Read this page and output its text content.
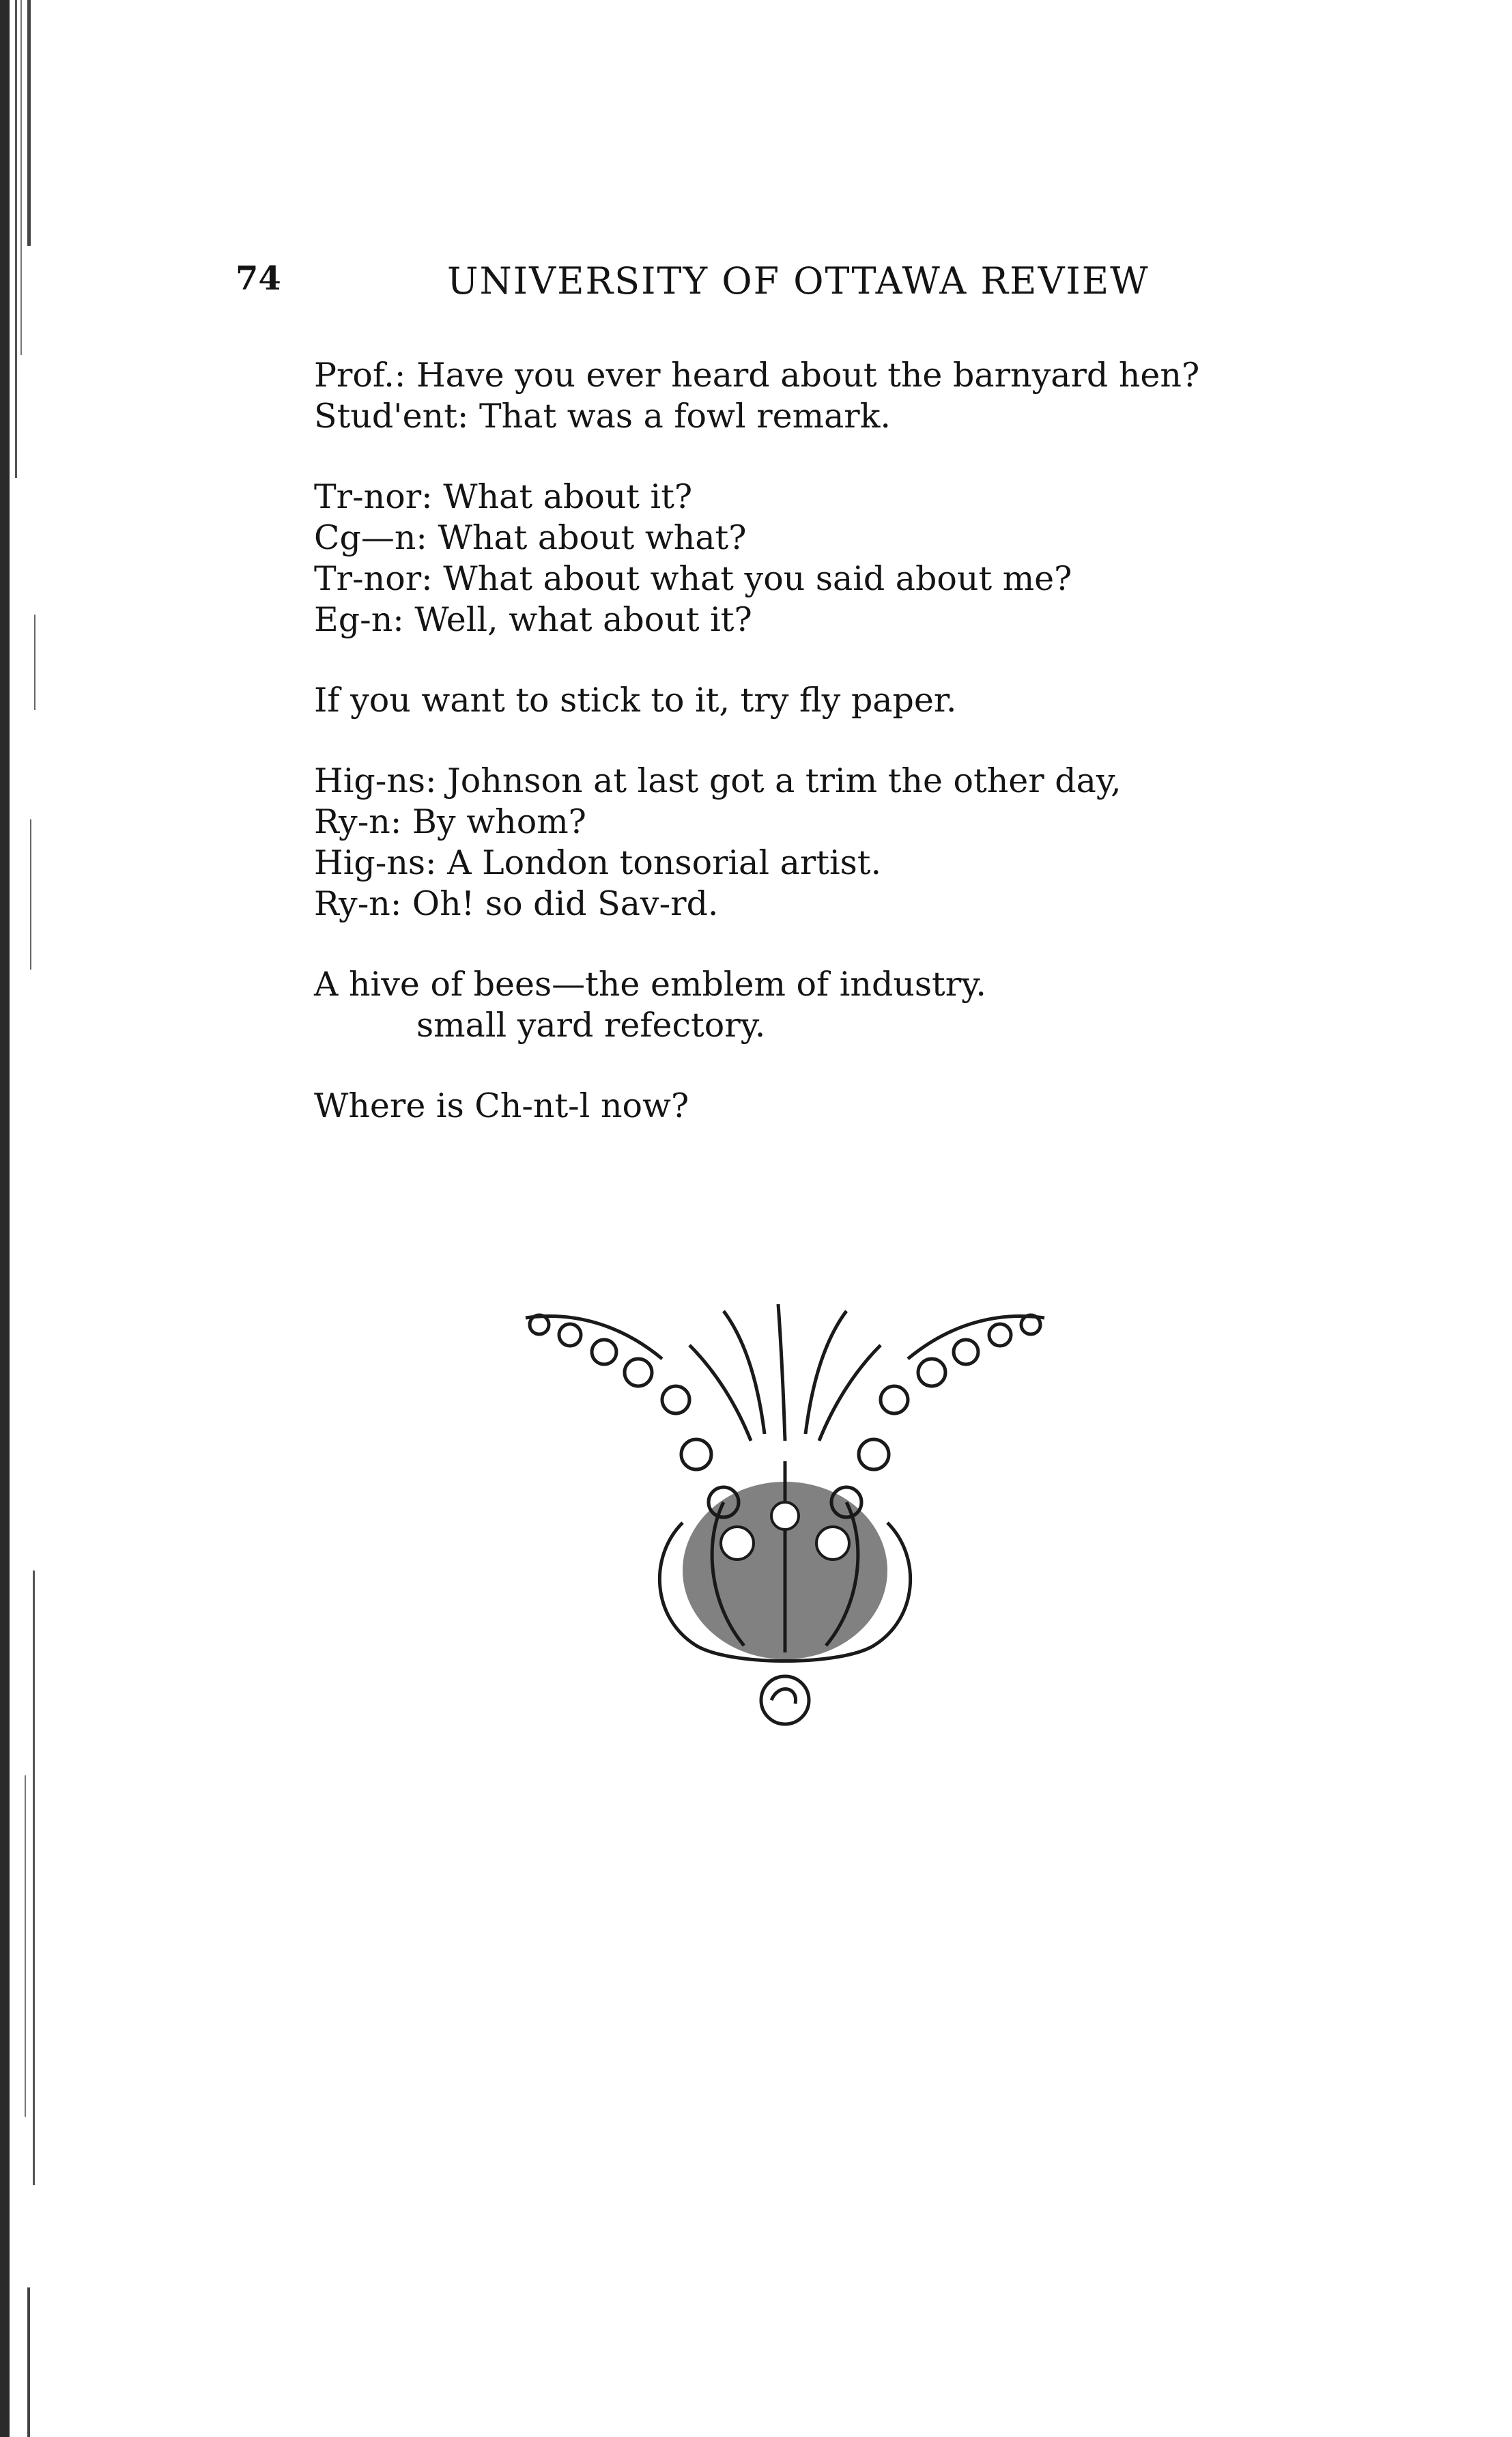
74	UNIVERSITY OF OTTAWA REVIEW
Prof.: Have you ever heard about the barnyard hen?
Stud'ent: That was a fowl remark.
Tr-nor: What about it?
Cg—n: What about what?
Tr-nor: What about what you said about me?
Eg-n: Well, what about it?
If you want to stick to it, try fly paper.
Hig-ns: Johnson at last got a trim the other day,
Ry-n: By whom?
Hig-ns: A London tonsorial artist.
Ry-n: Oh! so did Sav-rd.
A hive of bees—the emblem of industry.
small yard refectory.
Where is Ch-nt-l now?
